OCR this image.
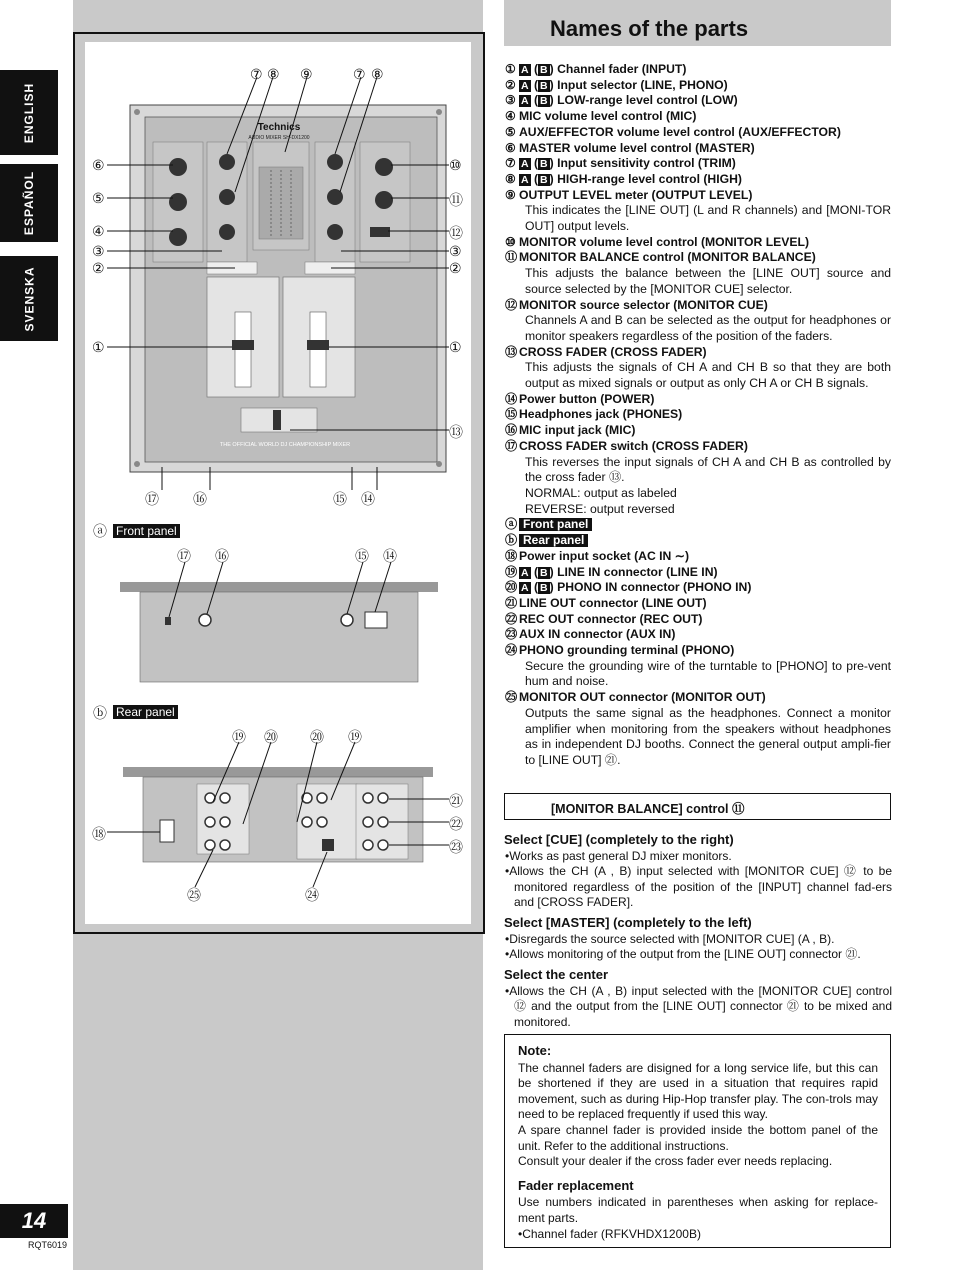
ENGLISH
ESPAÑOL
SVENSKA
14
RQT6019
Technics
AUDIO MIXER SH-DX1200
THE OFFICIAL WORLD DJ CHAMPIONSHIP MIXER
⑦ ⑧ ⑨	⑦ ⑧
⑥
⑤
④
③
②
①
⑩
⑪
⑫
③
②
①
⑬
⑰ ⑯	⑮ ⑭
ⓐ Front panel
⑰ ⑯	⑮ ⑭
ⓑ Rear panel
⑲ ⑳ ⑳ ⑲
⑱
㉑
㉒
㉓
㉕	㉔
Names of the parts
① A ( B ) Channel fader (INPUT)
② A ( B ) Input selector (LINE, PHONO)
③ A ( B ) LOW-range level control (LOW)
④ MIC volume level control (MIC)
⑤ AUX/EFFECTOR volume level control (AUX/EFFECTOR)
⑥ MASTER volume level control (MASTER)
⑦ A ( B ) Input sensitivity control (TRIM)
⑧ A ( B ) HIGH-range level control (HIGH)
⑨ OUTPUT LEVEL meter (OUTPUT LEVEL)
This indicates the [LINE OUT] (L and R channels) and [MONI-TOR OUT] output levels.
⑩ MONITOR volume level control (MONITOR LEVEL)
⑪ MONITOR BALANCE control (MONITOR BALANCE)
This adjusts the balance between the [LINE OUT] source and source selected by the [MONITOR CUE] selector.
⑫ MONITOR source selector (MONITOR CUE)
Channels A and B can be selected as the output for headphones or monitor speakers regardless of the position of the faders.
⑬ CROSS FADER (CROSS FADER)
This adjusts the signals of CH A and CH B so that they are both output as mixed signals or output as only CH A or CH B signals.
⑭ Power button (POWER)
⑮ Headphones jack (PHONES)
⑯ MIC input jack (MIC)
⑰ CROSS FADER switch (CROSS FADER)
This reverses the input signals of CH A and CH B as controlled by the cross fader ⑬.
NORMAL: output as labeled
REVERSE: output reversed
ⓐ Front panel
ⓑ Rear panel
⑱ Power input socket (AC IN ∼)
⑲ A ( B ) LINE IN connector (LINE IN)
⑳ A ( B ) PHONO IN connector (PHONO IN)
㉑ LINE OUT connector (LINE OUT)
㉒ REC OUT connector (REC OUT)
㉓ AUX IN connector (AUX IN)
㉔ PHONO grounding terminal (PHONO)
Secure the grounding wire of the turntable to [PHONO] to pre-vent hum and noise.
㉕ MONITOR OUT connector (MONITOR OUT)
Outputs the same signal as the headphones. Connect a monitor amplifier when monitoring from the speakers without headphones as in independent DJ booths. Connect the general output ampli-fier to [LINE OUT] ㉑.
[MONITOR BALANCE] control ⑪
Select [CUE] (completely to the right)
•Works as past general DJ mixer monitors.
•Allows the CH (A , B) input selected with [MONITOR CUE] ⑫ to be monitored regardless of the position of the [INPUT] channel fad-ers and [CROSS FADER].
Select [MASTER] (completely to the left)
•Disregards the source selected with [MONITOR CUE] (A , B).
•Allows monitoring of the output from the [LINE OUT] connector ㉑.
Select the center
•Allows the CH (A , B) input selected with the [MONITOR CUE] control ⑫ and the output from the [LINE OUT] connector ㉑ to be mixed and monitored.
Note:
The channel faders are disigned for a long service life, but this can be shortened if they are used in a situation that requires rapid movement, such as during Hip-Hop transfer play. The con-trols may need to be replaced frequently if used this way.
A spare channel fader is provided inside the bottom panel of the unit. Refer to the additional instructions.
Consult your dealer if the cross fader ever needs replacing.
Fader replacement
Use numbers indicated in parentheses when asking for replace-ment parts.
•Channel fader (RFKVHDX1200B)
